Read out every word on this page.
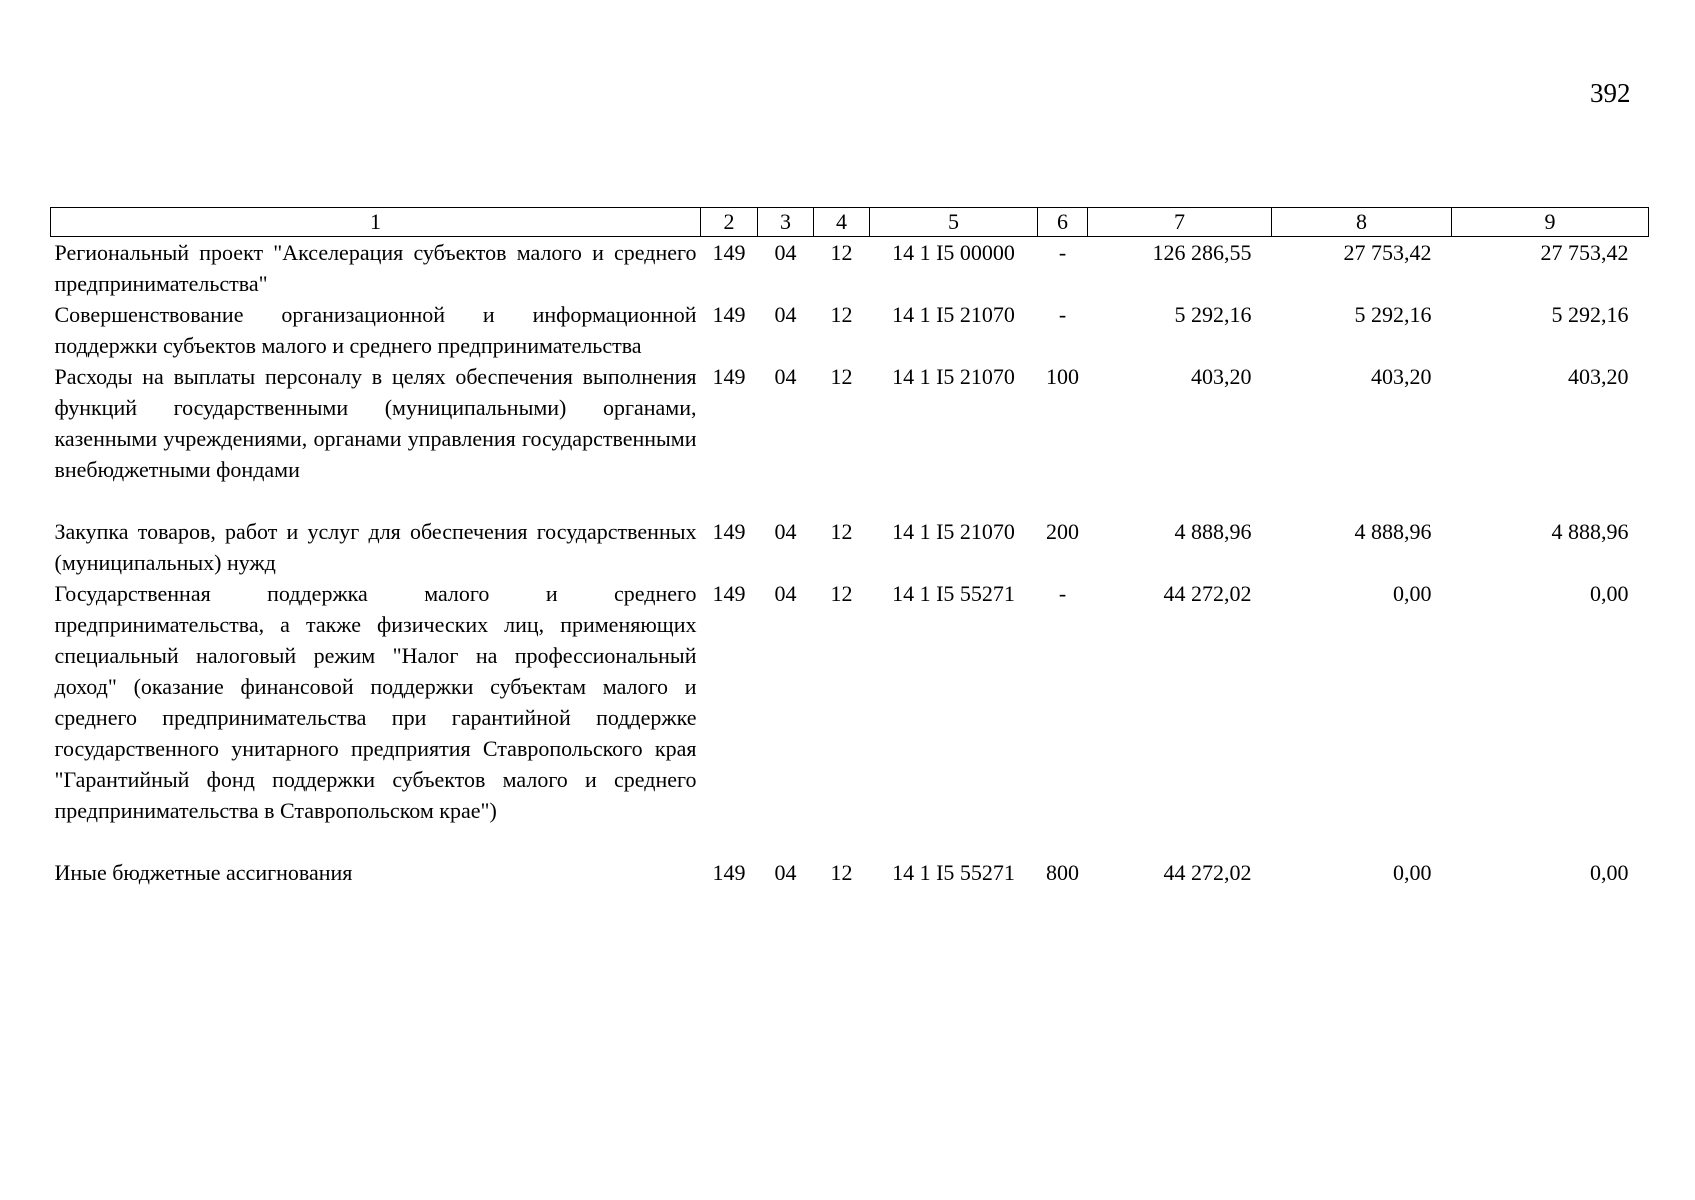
392
1	2	3	4	5	6	7	8	9
Региональный проект "Акселерация субъектов малого и среднего предпринимательства"	149	04	12	14 1 I5 00000	-	126 286,55	27 753,42	27 753,42
Совершенствование организационной и информационной поддержки субъектов малого и среднего предпринимательства	149	04	12	14 1 I5 21070	-	5 292,16	5 292,16	5 292,16
Расходы на выплаты персоналу в целях обеспечения выполнения функций государственными (муниципальными) органами, казенными учреждениями, органами управления государственными внебюджетными фондами	149	04	12	14 1 I5 21070	100	403,20	403,20	403,20
Закупка товаров, работ и услуг для обеспечения государственных (муниципальных) нужд	149	04	12	14 1 I5 21070	200	4 888,96	4 888,96	4 888,96
Государственная поддержка малого и среднего предпринимательства, а также физических лиц, применяющих специальный налоговый режим "Налог на профессиональный доход" (оказание финансовой поддержки субъектам малого и среднего предпринимательства при гарантийной поддержке государственного унитарного предприятия Ставропольского края "Гарантийный фонд поддержки субъектов малого и среднего предпринимательства в Ставропольском крае")	149	04	12	14 1 I5 55271	-	44 272,02	0,00	0,00
Иные бюджетные ассигнования	149	04	12	14 1 I5 55271	800	44 272,02	0,00	0,00
